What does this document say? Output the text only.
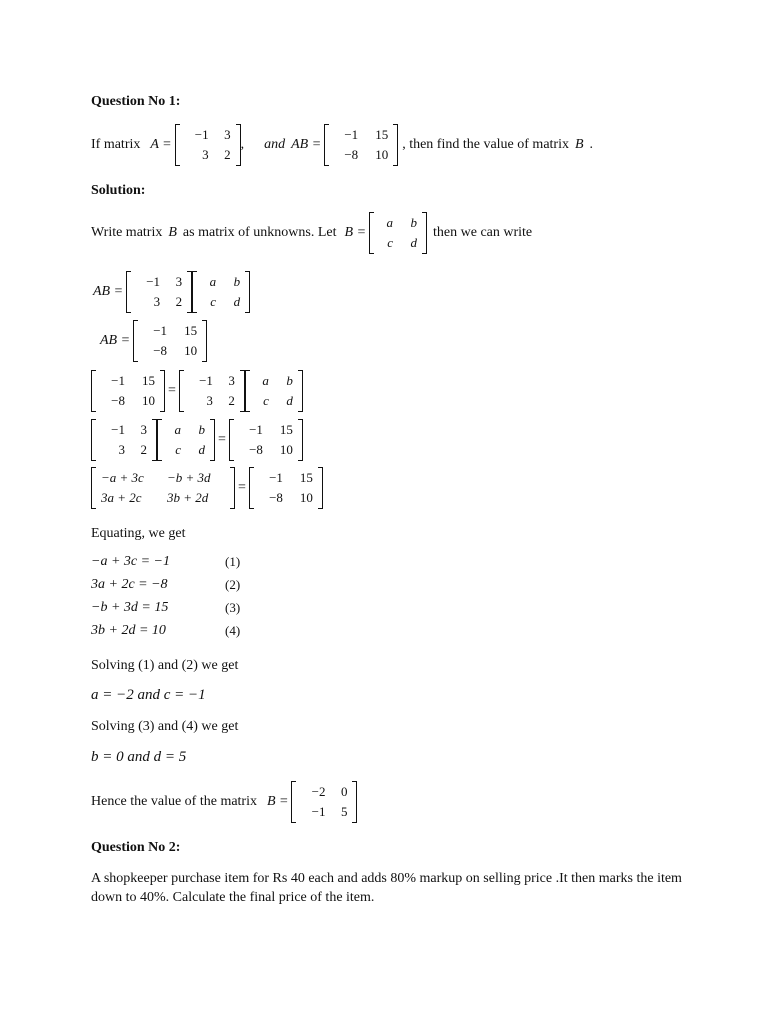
Question No 1:
If matrix A =
−1	3
3	2
, and AB =
−1	15
−8	10
, then find the value of matrix B .
Solution:
Write matrix B as matrix of unknowns. Let B =
a	b
c	d
then we can write
AB =
−1	3
3	2
a	b
c	d
AB =
−1	15
−8	10
−1	15
−8	10
=
−1	3
3	2
a	b
c	d
−1	3
3	2
a	b
c	d
=
−1	15
−8	10
−a + 3c	−b + 3d
3a + 2c	3b + 2d
=
−1	15
−8	10
Equating, we get
−a + 3c = −1	(1)
3a + 2c = −8	(2)
−b + 3d = 15	(3)
3b + 2d = 10	(4)
Solving (1) and (2) we get
a = −2 and c = −1
Solving (3) and (4) we get
b = 0 and d = 5
Hence the value of the matrix B =
−2	0
−1	5
Question No 2:
A shopkeeper purchase item for Rs 40 each and adds 80% markup on selling price .It then marks the item down to 40%. Calculate the final price of the item.
